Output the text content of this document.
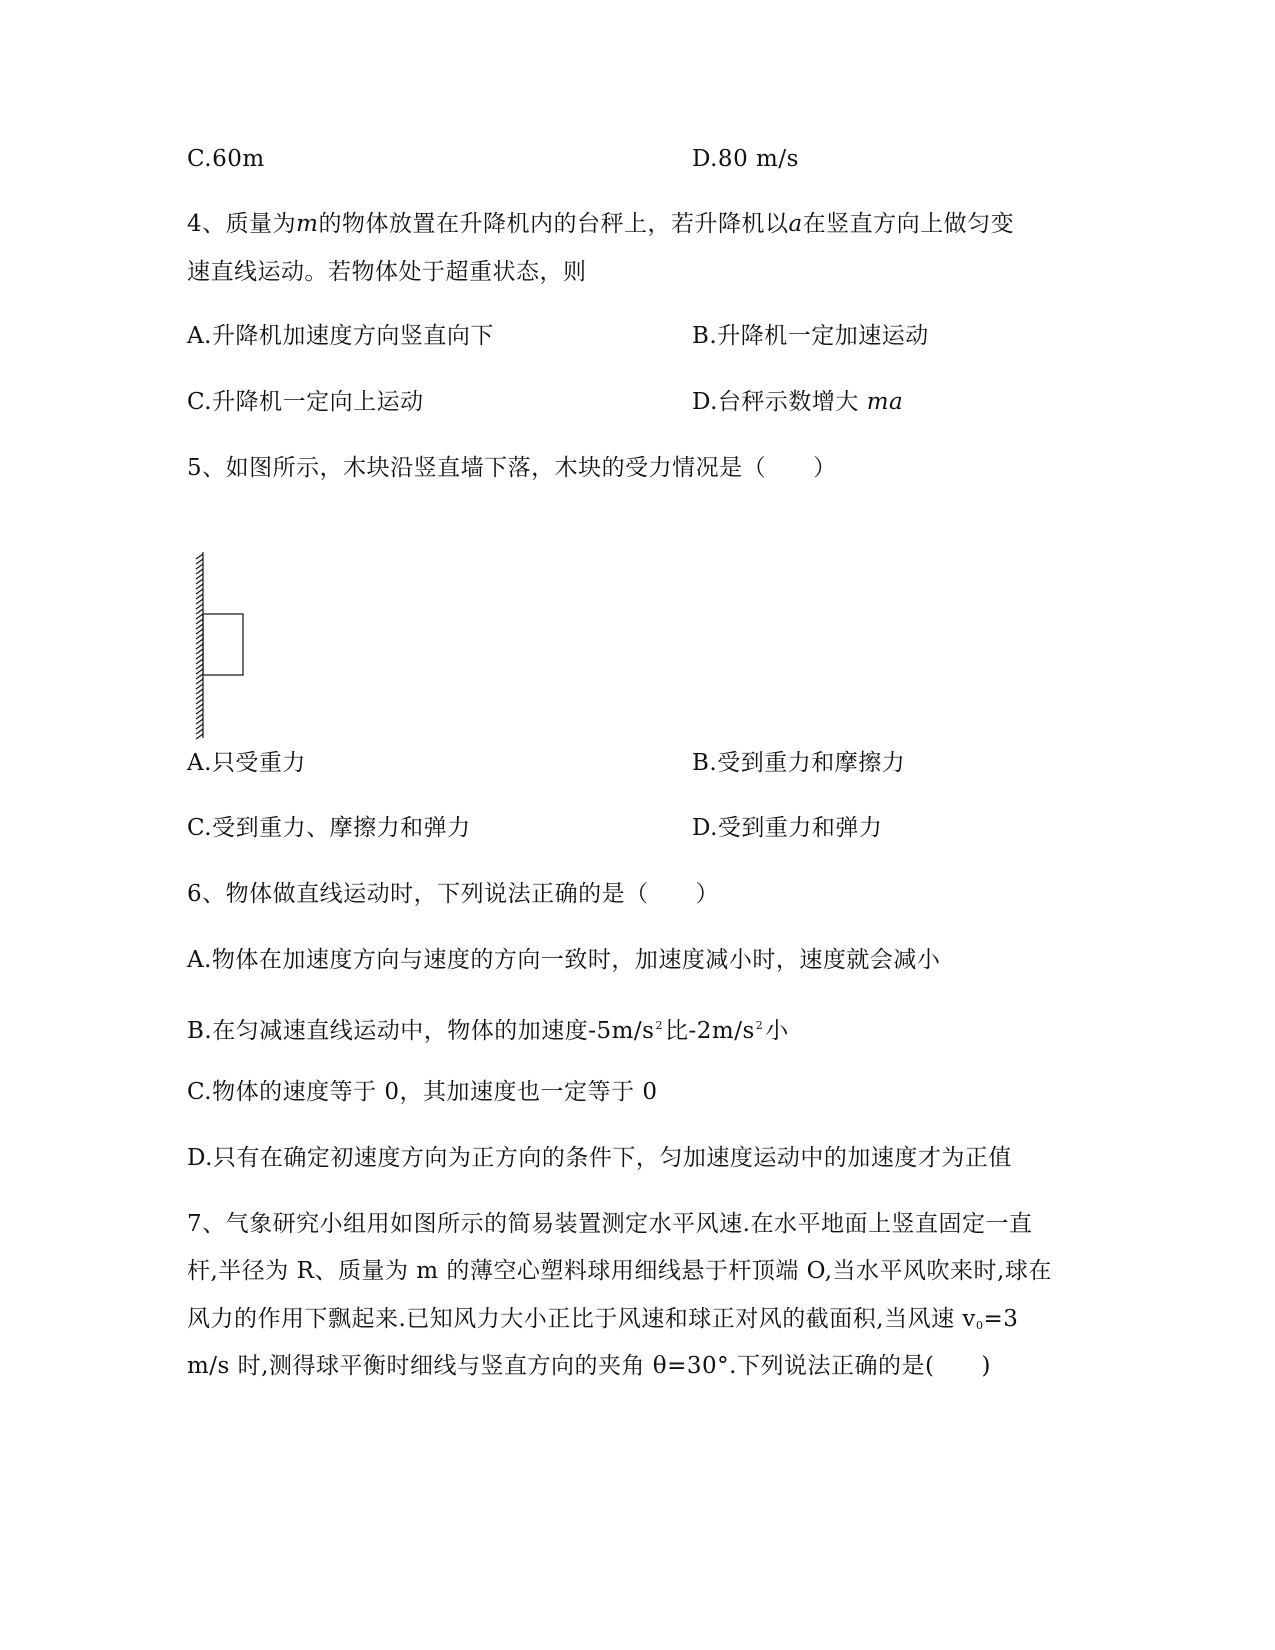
C.60m	D.80 m/s
4、质量为m的物体放置在升降机内的台秤上，若升降机以a在竖直方向上做匀变
速直线运动。若物体处于超重状态，则
A.升降机加速度方向竖直向下	B.升降机一定加速运动
C.升降机一定向上运动	D.台秤示数增大 ma
5、如图所示，木块沿竖直墙下落，木块的受力情况是（　　）
A.只受重力	B.受到重力和摩擦力
C.受到重力、摩擦力和弹力	D.受到重力和弹力
6、物体做直线运动时，下列说法正确的是（　　）
A.物体在加速度方向与速度的方向一致时，加速度减小时，速度就会减小
B.在匀减速直线运动中，物体的加速度$-5m/s^2$比$-2m/s^2$小
C.物体的速度等于 0，其加速度也一定等于 0
D.只有在确定初速度方向为正方向的条件下，匀加速度运动中的加速度才为正值
7、气象研究小组用如图所示的简易装置测定水平风速.在水平地面上竖直固定一直
杆,半径为 R、质量为 m 的薄空心塑料球用细线悬于杆顶端 O,当水平风吹来时,球在
风力的作用下飘起来.已知风力大小正比于风速和球正对风的截面积,当风速 $v_0=3$
m/s 时,测得球平衡时细线与竖直方向的夹角 θ=30°.下列说法正确的是(　　)
